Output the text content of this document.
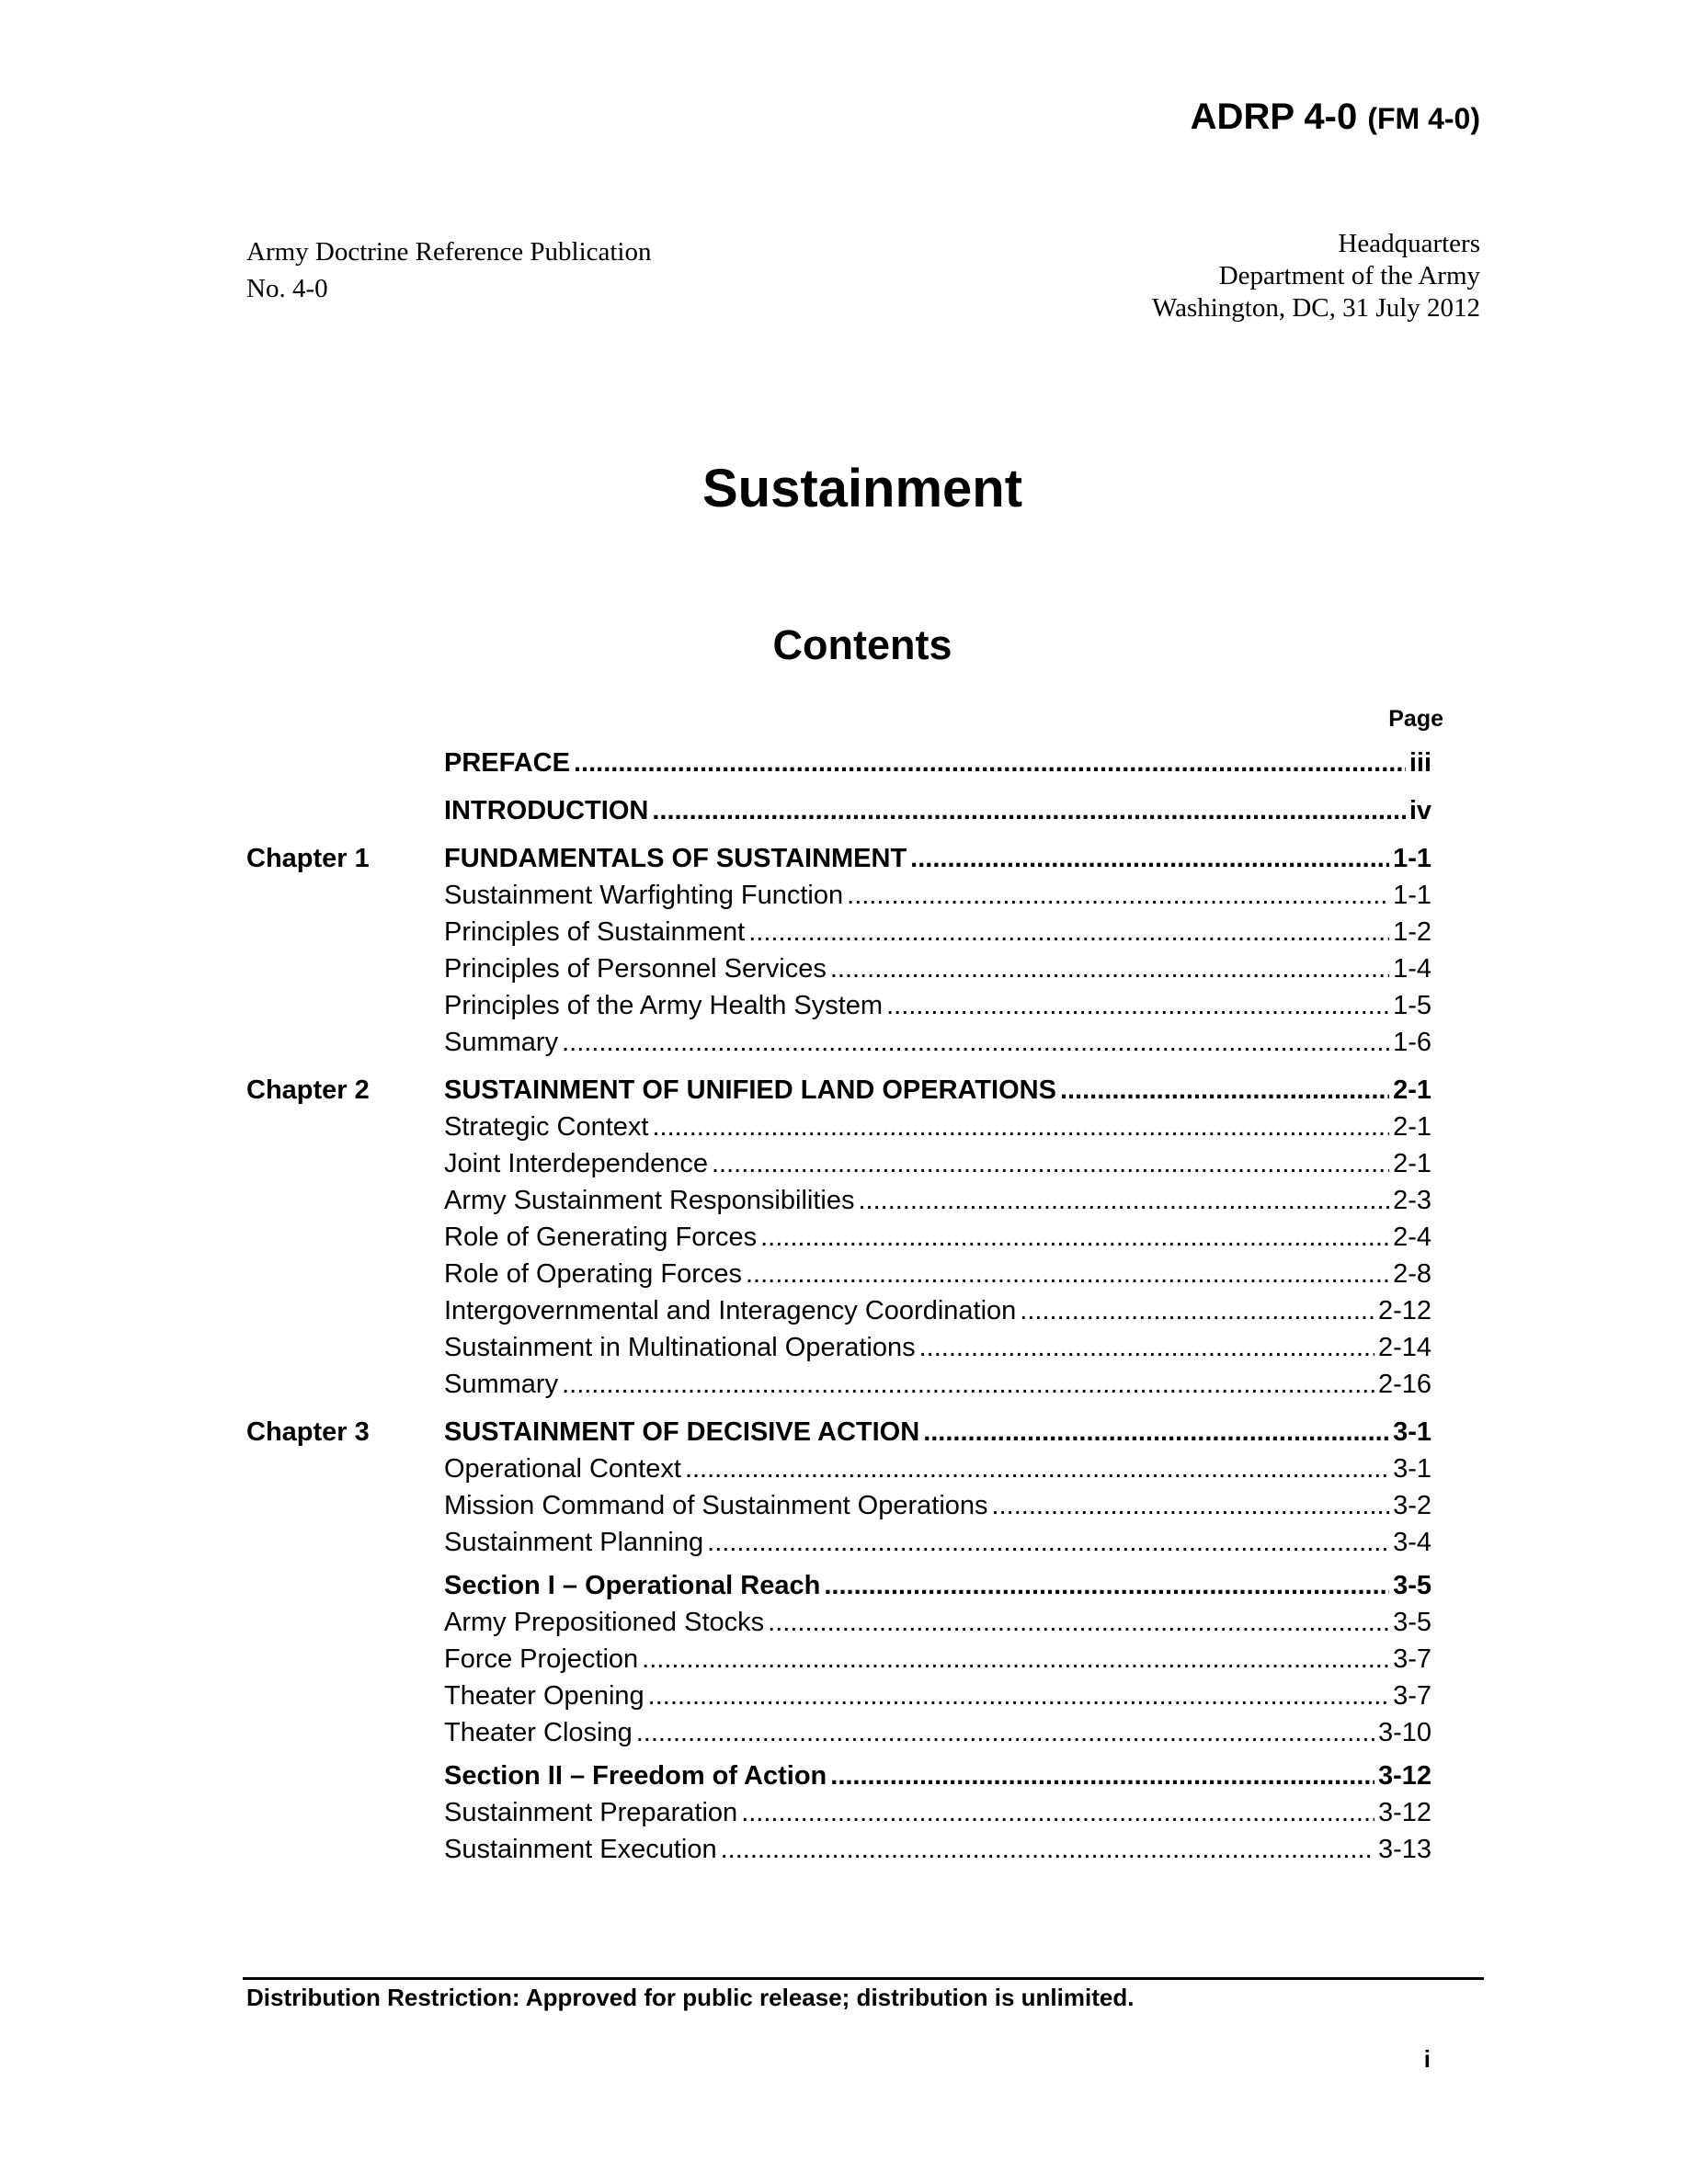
ADRP 4-0 (FM 4-0)
Army Doctrine Reference Publication
No. 4-0
Headquarters
Department of the Army
Washington, DC, 31 July 2012
Sustainment
Contents
Page
PREFACE .....	iii
INTRODUCTION .....	iv
Chapter 1	FUNDAMENTALS OF SUSTAINMENT .....	1-1
Sustainment Warfighting Function .....	1-1
Principles of Sustainment .....	1-2
Principles of Personnel Services .....	1-4
Principles of the Army Health System .....	1-5
Summary .....	1-6
Chapter 2	SUSTAINMENT OF UNIFIED LAND OPERATIONS .....	2-1
Strategic Context .....	2-1
Joint Interdependence .....	2-1
Army Sustainment Responsibilities .....	2-3
Role of Generating Forces .....	2-4
Role of Operating Forces .....	2-8
Intergovernmental and Interagency Coordination .....	2-12
Sustainment in Multinational Operations .....	2-14
Summary .....	2-16
Chapter 3	SUSTAINMENT OF DECISIVE ACTION .....	3-1
Operational Context .....	3-1
Mission Command of Sustainment Operations .....	3-2
Sustainment Planning .....	3-4
Section I – Operational Reach .....	3-5
Army Prepositioned Stocks .....	3-5
Force Projection .....	3-7
Theater Opening .....	3-7
Theater Closing .....	3-10
Section II – Freedom of Action .....	3-12
Sustainment Preparation .....	3-12
Sustainment Execution .....	3-13
Distribution Restriction: Approved for public release; distribution is unlimited.
i
